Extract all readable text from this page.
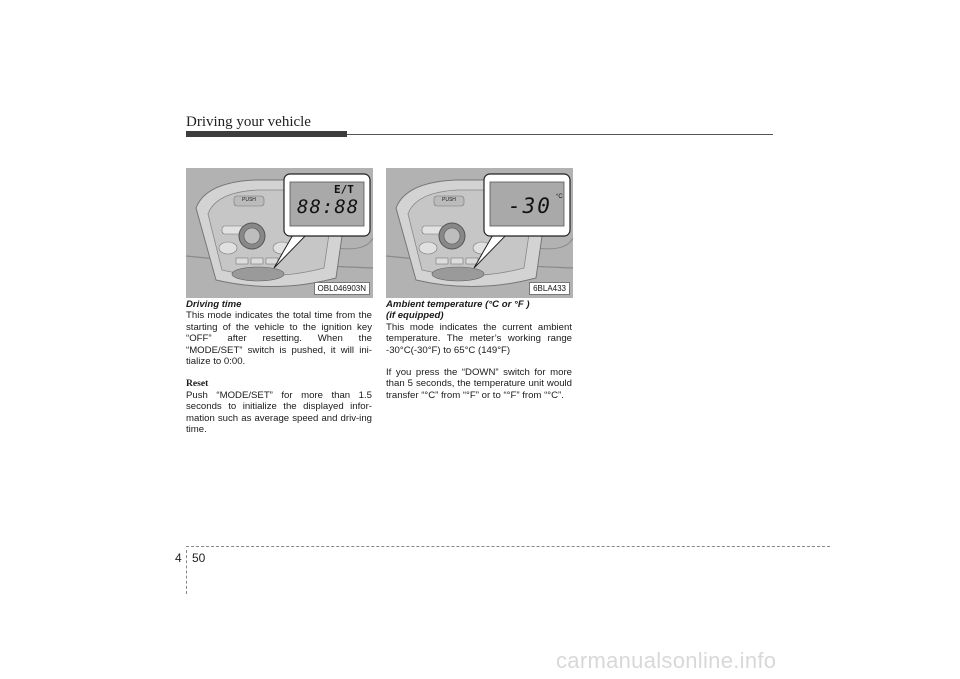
Driving your vehicle
PUSH
E/T
88:88
OBL046903N
PUSH -30 °C
6BLA433
Driving time

This mode indicates the total time from the starting of the vehicle to the ignition key “OFF” after resetting. When the “MODE/SET” switch is pushed, it will ini-tialize to 0:00.

Reset

Push “MODE/SET” for more than 1.5 seconds to initialize the displayed infor-mation such as average speed and driv-ing time.

Ambient temperature (°C or °F )
(if equipped)

This mode indicates the current ambient temperature. The meter’s working range -30°C(-30°F) to 65°C (149°F)

If you press the “DOWN” switch for more than 5 seconds, the temperature unit would transfer “°C” from “°F” or to “°F” from “°C”.

4 50
carmanualsonline.info
